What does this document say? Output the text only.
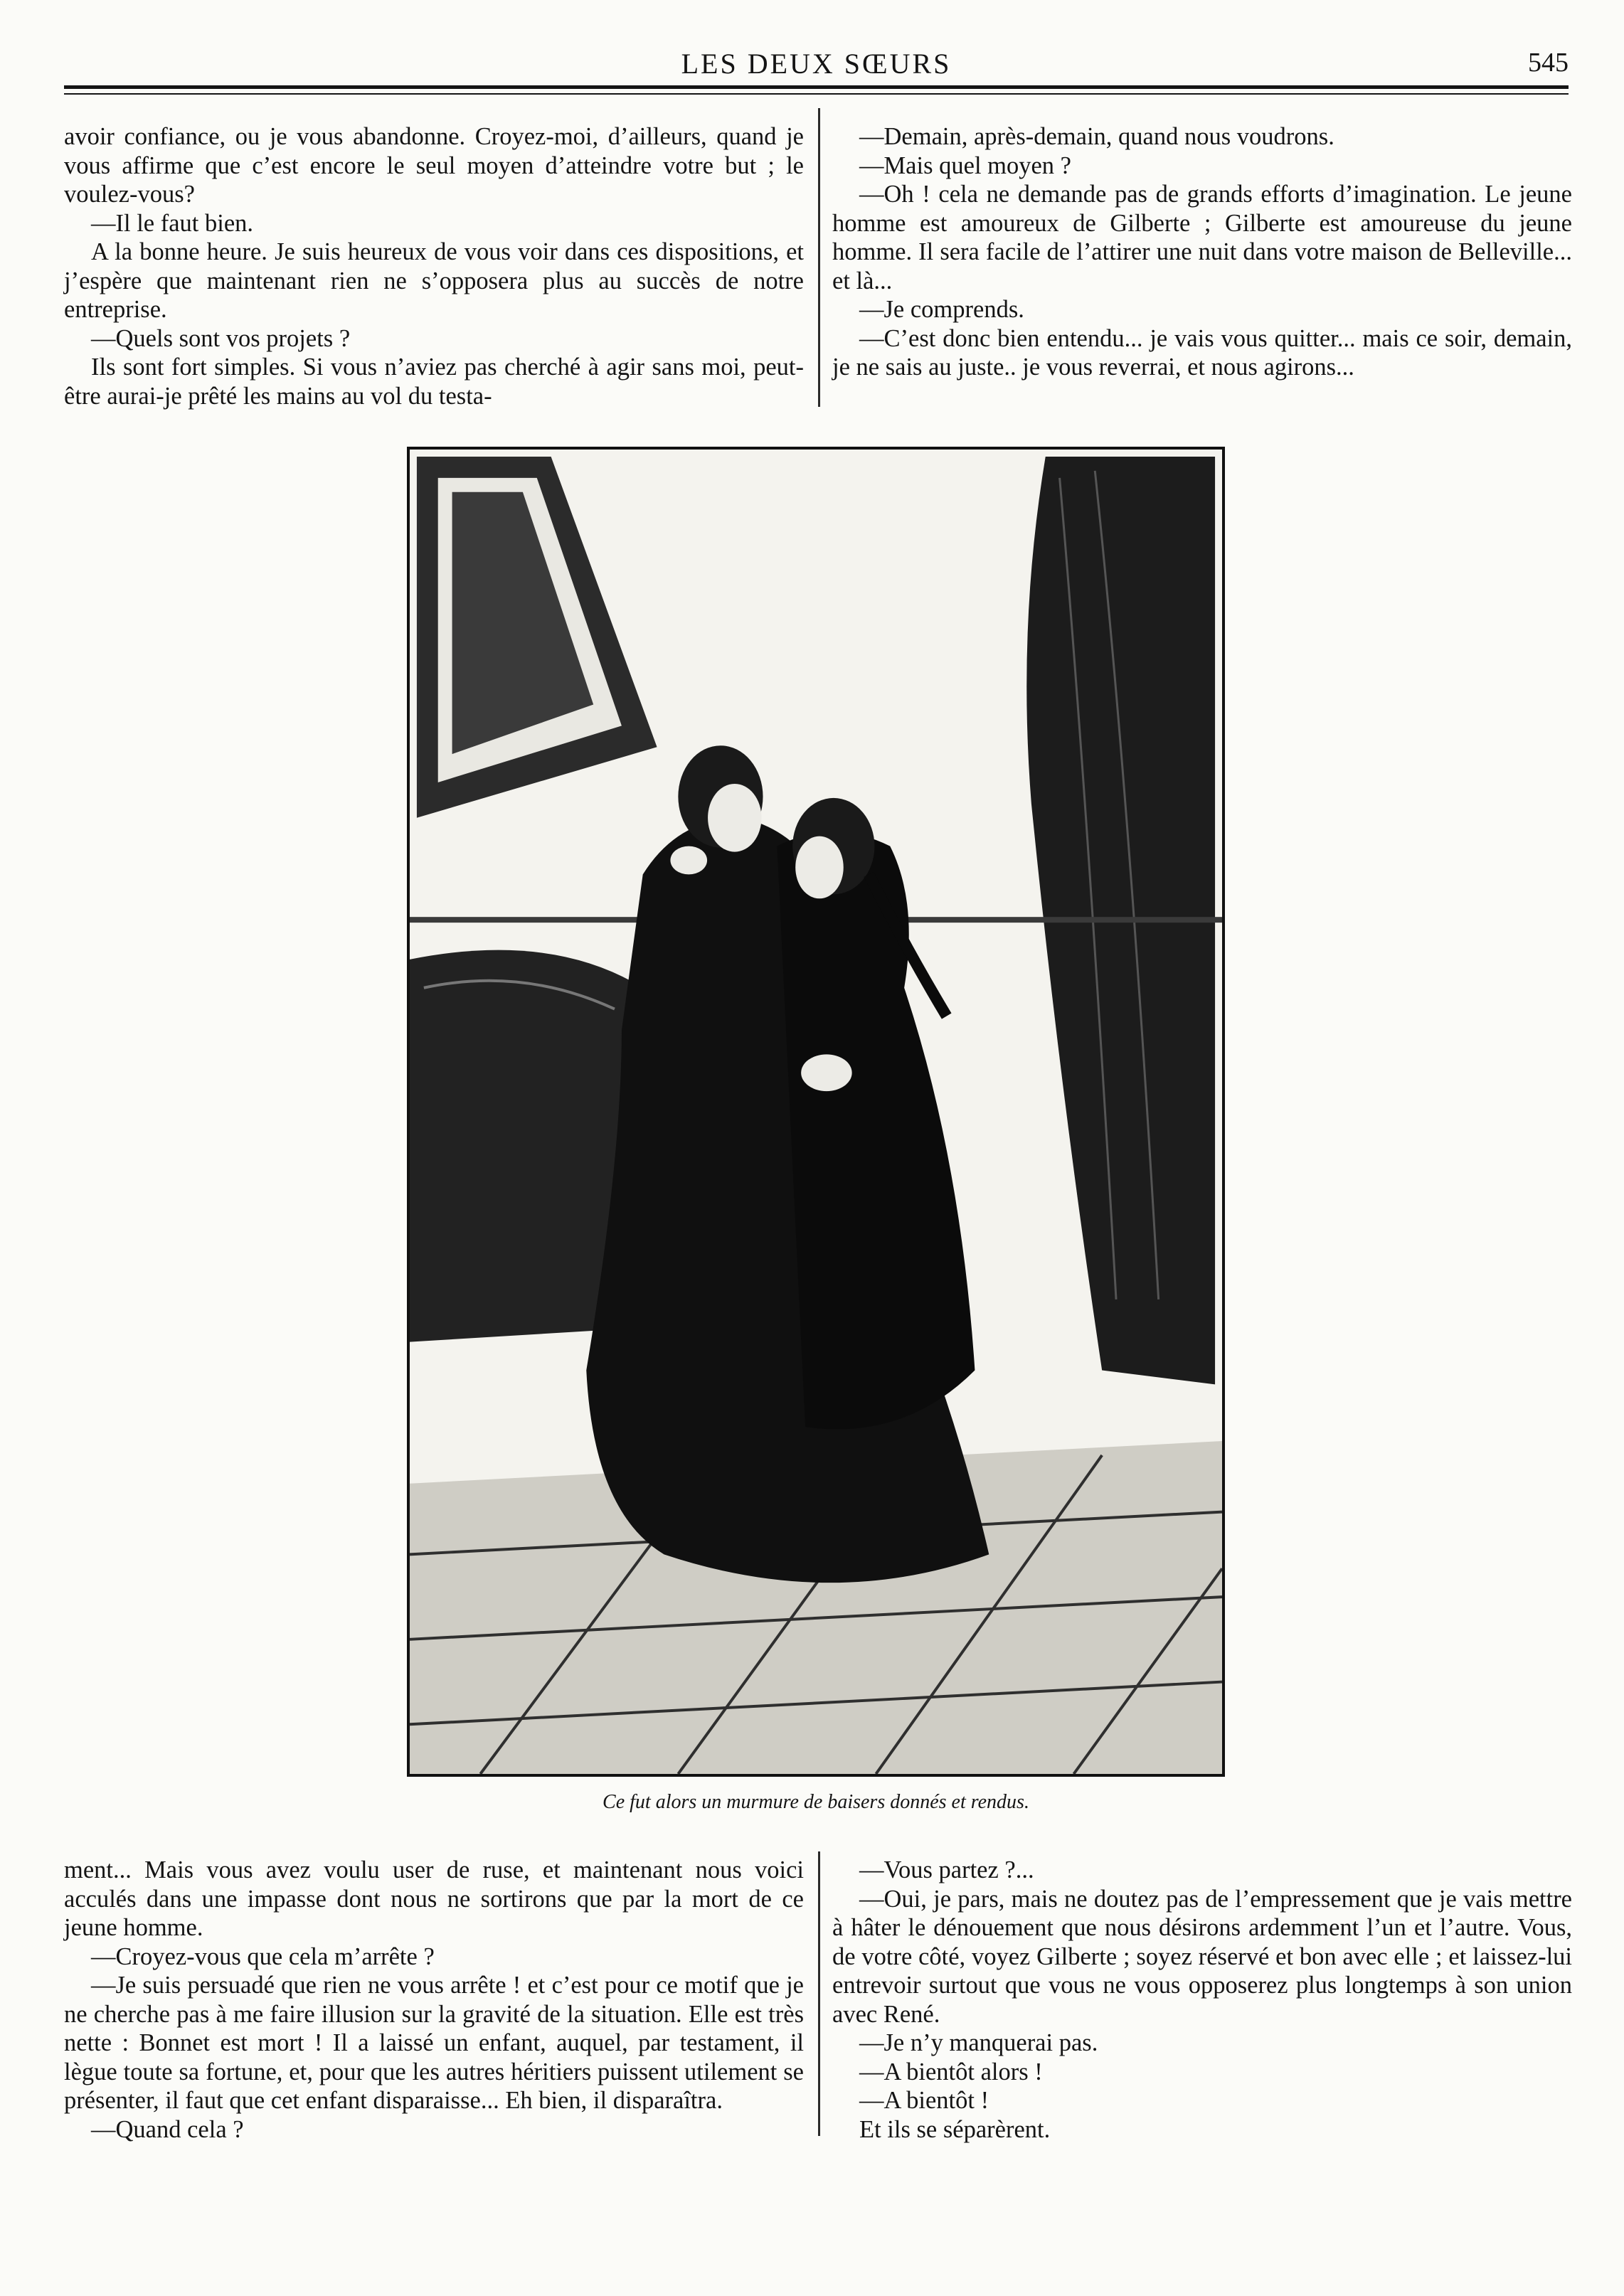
LES DEUX SŒURS	545

avoir confiance, ou je vous abandonne. Croyez-moi, d’ailleurs, quand je vous affirme que c’est encore le seul moyen d’atteindre votre but ; le voulez-vous?

—Il le faut bien.

A la bonne heure. Je suis heureux de vous voir dans ces dispositions, et j’espère que maintenant rien ne s’opposera plus au succès de notre entreprise.

—Quels sont vos projets ?

Ils sont fort simples. Si vous n’aviez pas cherché à agir sans moi, peut-être aurai-je prêté les mains au vol du testa-

—Demain, après-demain, quand nous voudrons.

—Mais quel moyen ?

—Oh ! cela ne demande pas de grands efforts d’imagination. Le jeune homme est amoureux de Gilberte ; Gilberte est amoureuse du jeune homme. Il sera facile de l’attirer une nuit dans votre maison de Belleville... et là...

—Je comprends.

—C’est donc bien entendu... je vais vous quitter... mais ce soir, demain, je ne sais au juste.. je vous reverrai, et nous agirons...

Ce fut alors un murmure de baisers donnés et rendus.

ment... Mais vous avez voulu user de ruse, et maintenant nous voici acculés dans une impasse dont nous ne sortirons que par la mort de ce jeune homme.

—Croyez-vous que cela m’arrête ?

—Je suis persuadé que rien ne vous arrête ! et c’est pour ce motif que je ne cherche pas à me faire illusion sur la gravité de la situation. Elle est très nette : Bonnet est mort ! Il a laissé un enfant, auquel, par testament, il lègue toute sa fortune, et, pour que les autres héritiers puissent utilement se présenter, il faut que cet enfant disparaisse... Eh bien, il disparaîtra.

—Quand cela ?

—Vous partez ?...

—Oui, je pars, mais ne doutez pas de l’empressement que je vais mettre à hâter le dénouement que nous désirons ardemment l’un et l’autre. Vous, de votre côté, voyez Gilberte ; soyez réservé et bon avec elle ; et laissez-lui entrevoir surtout que vous ne vous opposerez plus longtemps à son union avec René.

—Je n’y manquerai pas.

—A bientôt alors !

—A bientôt !

Et ils se séparèrent.
